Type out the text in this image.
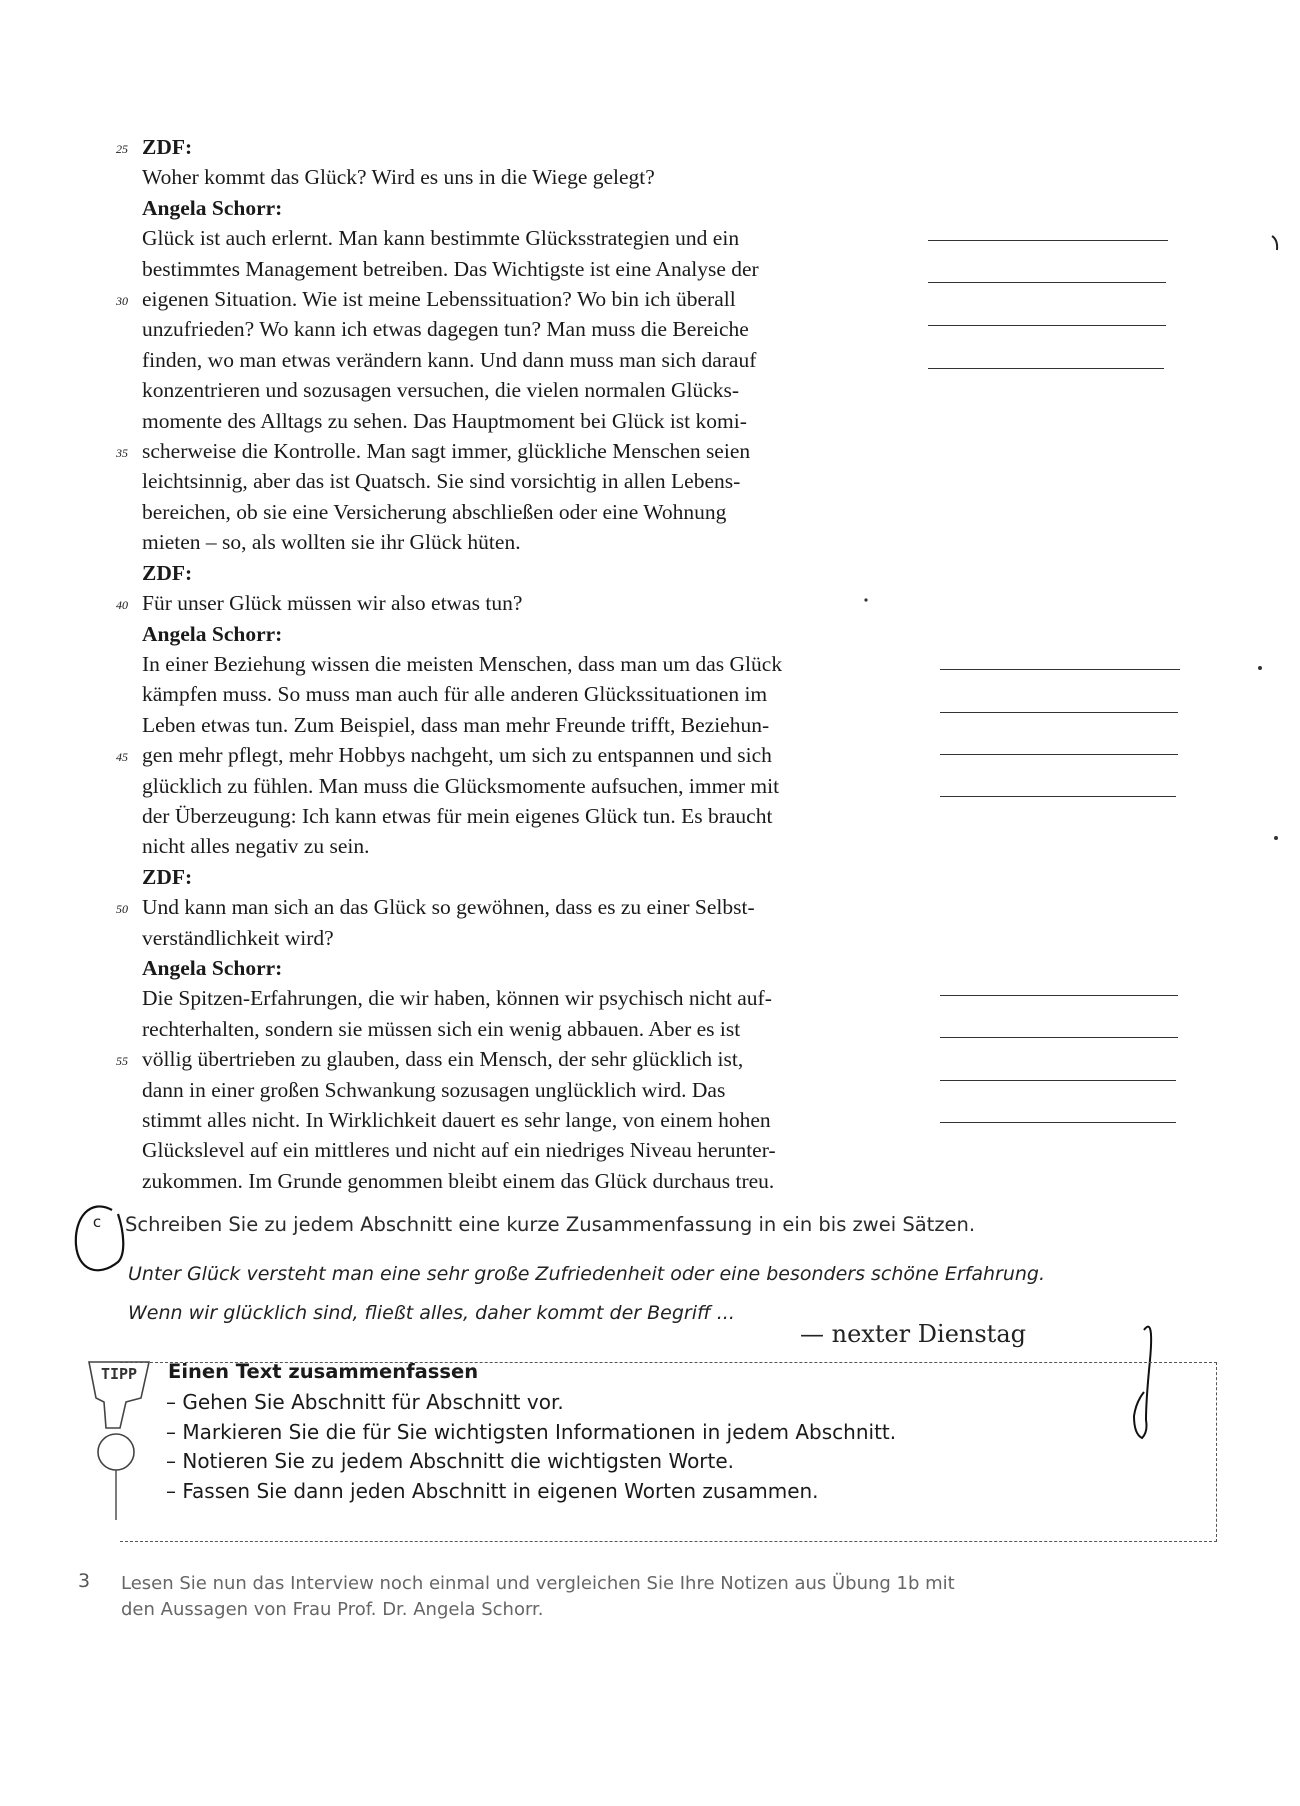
ZDF:
25
Woher kommt das Glück? Wird es uns in die Wiege gelegt?
Angela Schorr:
Glück ist auch erlernt. Man kann bestimmte Glücksstrategien und ein
bestimmtes Management betreiben. Das Wichtigste ist eine Analyse der
eigenen Situation. Wie ist meine Lebenssituation? Wo bin ich überall
30
unzufrieden? Wo kann ich etwas dagegen tun? Man muss die Bereiche
finden, wo man etwas verändern kann. Und dann muss man sich darauf
konzentrieren und sozusagen versuchen, die vielen normalen Glücks-
momente des Alltags zu sehen. Das Hauptmoment bei Glück ist komi-
scherweise die Kontrolle. Man sagt immer, glückliche Menschen seien
35
leichtsinnig, aber das ist Quatsch. Sie sind vorsichtig in allen Lebens-
bereichen, ob sie eine Versicherung abschließen oder eine Wohnung
mieten – so, als wollten sie ihr Glück hüten.
ZDF:
Für unser Glück müssen wir also etwas tun?
40
Angela Schorr:
In einer Beziehung wissen die meisten Menschen, dass man um das Glück
kämpfen muss. So muss man auch für alle anderen Glückssituationen im
Leben etwas tun. Zum Beispiel, dass man mehr Freunde trifft, Beziehun-
gen mehr pflegt, mehr Hobbys nachgeht, um sich zu entspannen und sich
45
glücklich zu fühlen. Man muss die Glücksmomente aufsuchen, immer mit
der Überzeugung: Ich kann etwas für mein eigenes Glück tun. Es braucht
nicht alles negativ zu sein.
ZDF:
Und kann man sich an das Glück so gewöhnen, dass es zu einer Selbst-
50
verständlichkeit wird?
Angela Schorr:
Die Spitzen-Erfahrungen, die wir haben, können wir psychisch nicht auf-
rechterhalten, sondern sie müssen sich ein wenig abbauen. Aber es ist
völlig übertrieben zu glauben, dass ein Mensch, der sehr glücklich ist,
55
dann in einer großen Schwankung sozusagen unglücklich wird. Das
stimmt alles nicht. In Wirklichkeit dauert es sehr lange, von einem hohen
Glückslevel auf ein mittleres und nicht auf ein niedriges Niveau herunter-
zukommen. Im Grunde genommen bleibt einem das Glück durchaus treu.
c	Schreiben Sie zu jedem Abschnitt eine kurze Zusammenfassung in ein bis zwei Sätzen.
Unter Glück versteht man eine sehr große Zufriedenheit oder eine besonders schöne Erfahrung.
Wenn wir glücklich sind, fließt alles, daher kommt der Begriff ...
— nexter Dienstag
TIPP	Einen Text zusammenfassen
– Gehen Sie Abschnitt für Abschnitt vor.
– Markieren Sie die für Sie wichtigsten Informationen in jedem Abschnitt.
– Notieren Sie zu jedem Abschnitt die wichtigsten Worte.
– Fassen Sie dann jeden Abschnitt in eigenen Worten zusammen.
3 Lesen Sie nun das Interview noch einmal und vergleichen Sie Ihre Notizen aus Übung 1b mit
den Aussagen von Frau Prof. Dr. Angela Schorr.
